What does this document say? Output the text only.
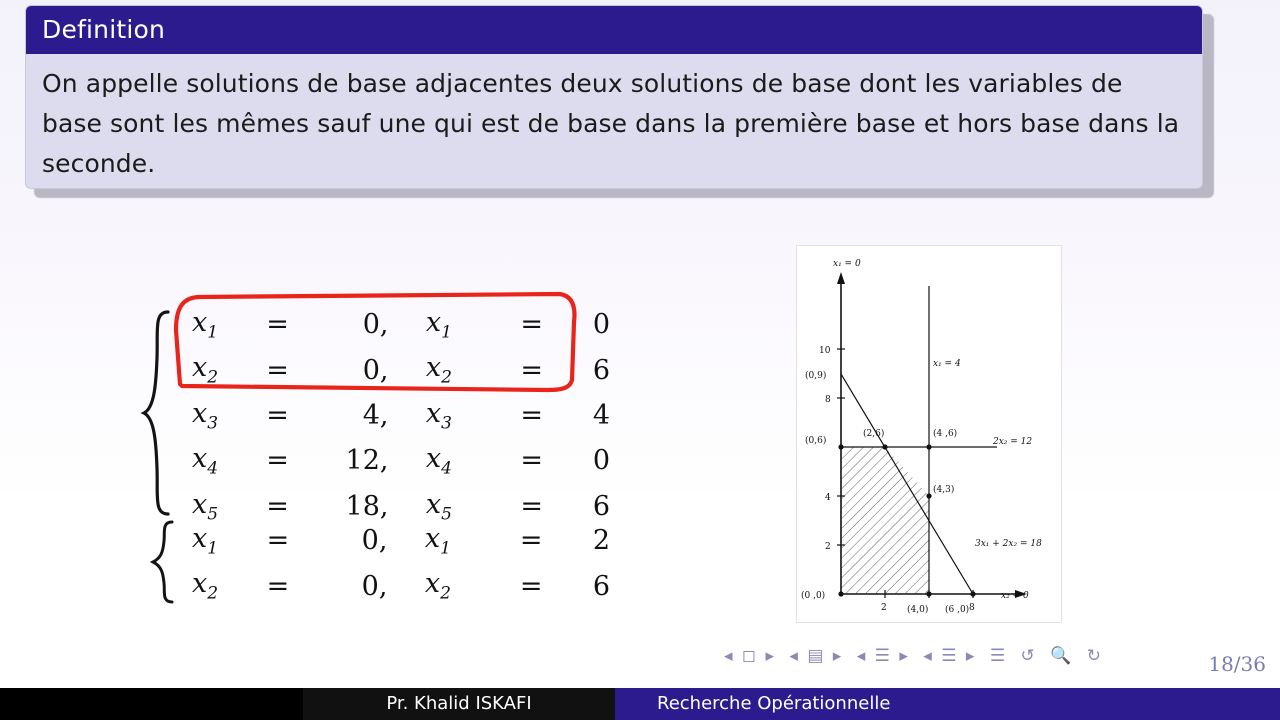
Definition
On appelle solutions de base adjacentes deux solutions de base dont les variables de base sont les mêmes sauf une qui est de base dans la première base et hors base dans la seconde.
$x_1$	=	0	,	$x_1$	=	0
$x_2$	=	0	,	$x_2$	=	6
$x_3$	=	4	,	$x_3$	=	4
$x_4$	=	12	,	$x_4$	=	0
$x_5$	=	18	,	$x_5$	=	6
$x_1$	=	0	,	$x_1$	=	2
$x_2$	=	0	,	$x_2$	=	6
x₁ = 0
x₂ = 0
10
8
4
2
2	8
(0,9)
(0,6)
(2,6)	(4 ,6)
(4,3)
(0 ,0)
(4,0) (6 ,0)
x₁ = 4
2x₂ = 12
3x₁ + 2x₂ = 18
◂ ◻ ▸ ◂ ▤ ▸ ◂ ☰ ▸ ◂ ☰ ▸ ☰ ↺ 🔍 ↻	18/36
Pr. Khalid ISKAFI	Recherche Opérationnelle
